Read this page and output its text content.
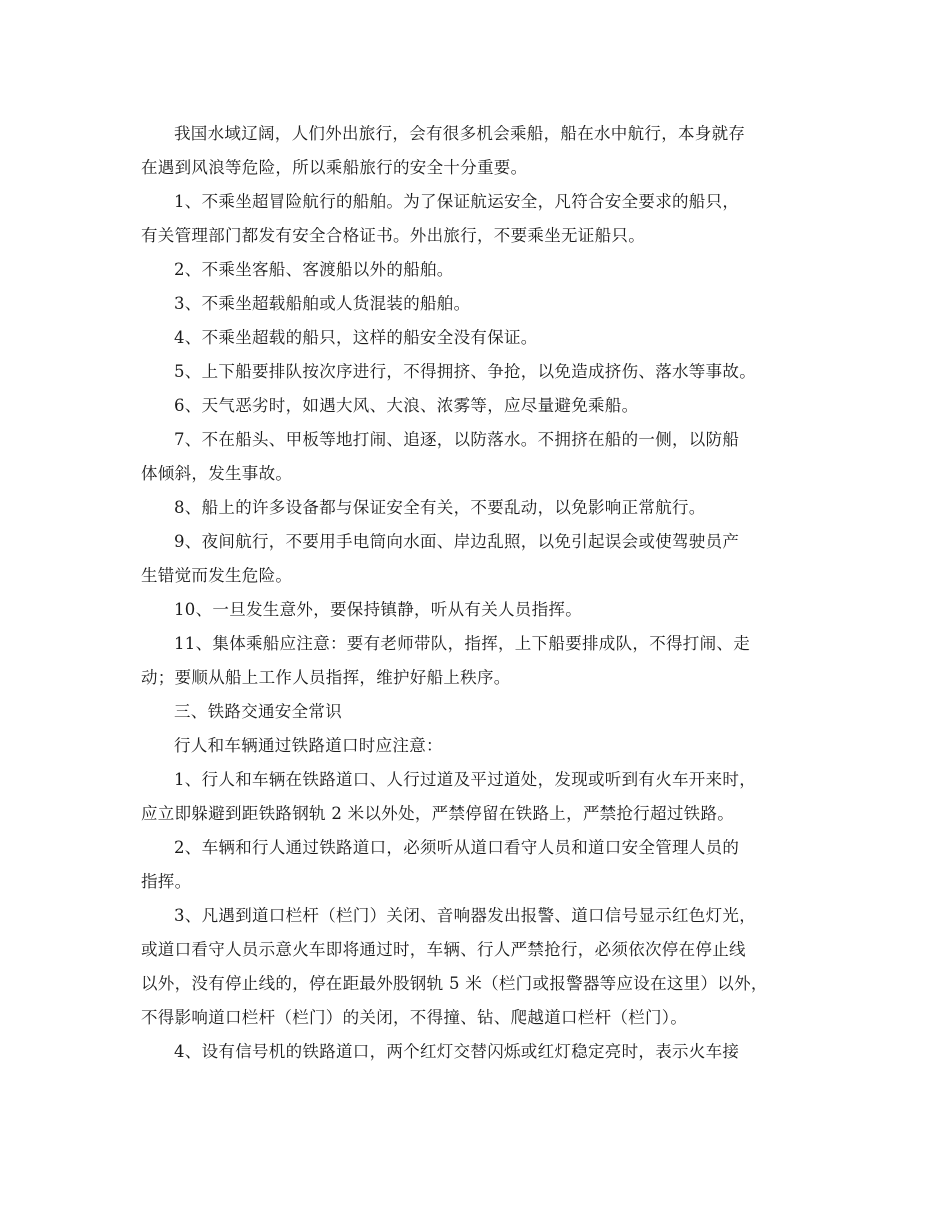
我国水域辽阔，人们外出旅行，会有很多机会乘船，船在水中航行，本身就存
在遇到风浪等危险，所以乘船旅行的安全十分重要。
1、不乘坐超冒险航行的船舶。为了保证航运安全，凡符合安全要求的船只，
有关管理部门都发有安全合格证书。外出旅行，不要乘坐无证船只。
2、不乘坐客船、客渡船以外的船舶。
3、不乘坐超载船舶或人货混装的船舶。
4、不乘坐超载的船只，这样的船安全没有保证。
5、上下船要排队按次序进行，不得拥挤、争抢，以免造成挤伤、落水等事故。
6、天气恶劣时，如遇大风、大浪、浓雾等，应尽量避免乘船。
7、不在船头、甲板等地打闹、追逐，以防落水。不拥挤在船的一侧，以防船
体倾斜，发生事故。
8、船上的许多设备都与保证安全有关，不要乱动，以免影响正常航行。
9、夜间航行，不要用手电筒向水面、岸边乱照，以免引起误会或使驾驶员产
生错觉而发生危险。
10、一旦发生意外，要保持镇静，听从有关人员指挥。
11、集体乘船应注意：要有老师带队，指挥，上下船要排成队，不得打闹、走
动；要顺从船上工作人员指挥，维护好船上秩序。
三、铁路交通安全常识
行人和车辆通过铁路道口时应注意：
1、行人和车辆在铁路道口、人行过道及平过道处，发现或听到有火车开来时，
应立即躲避到距铁路钢轨 2 米以外处，严禁停留在铁路上，严禁抢行超过铁路。
2、车辆和行人通过铁路道口，必须听从道口看守人员和道口安全管理人员的
指挥。
3、凡遇到道口栏杆（栏门）关闭、音响器发出报警、道口信号显示红色灯光，
或道口看守人员示意火车即将通过时，车辆、行人严禁抢行，必须依次停在停止线
以外，没有停止线的，停在距最外股钢轨 5 米（栏门或报警器等应设在这里）以外，
不得影响道口栏杆（栏门）的关闭，不得撞、钻、爬越道口栏杆（栏门）。
4、设有信号机的铁路道口，两个红灯交替闪烁或红灯稳定亮时，表示火车接
